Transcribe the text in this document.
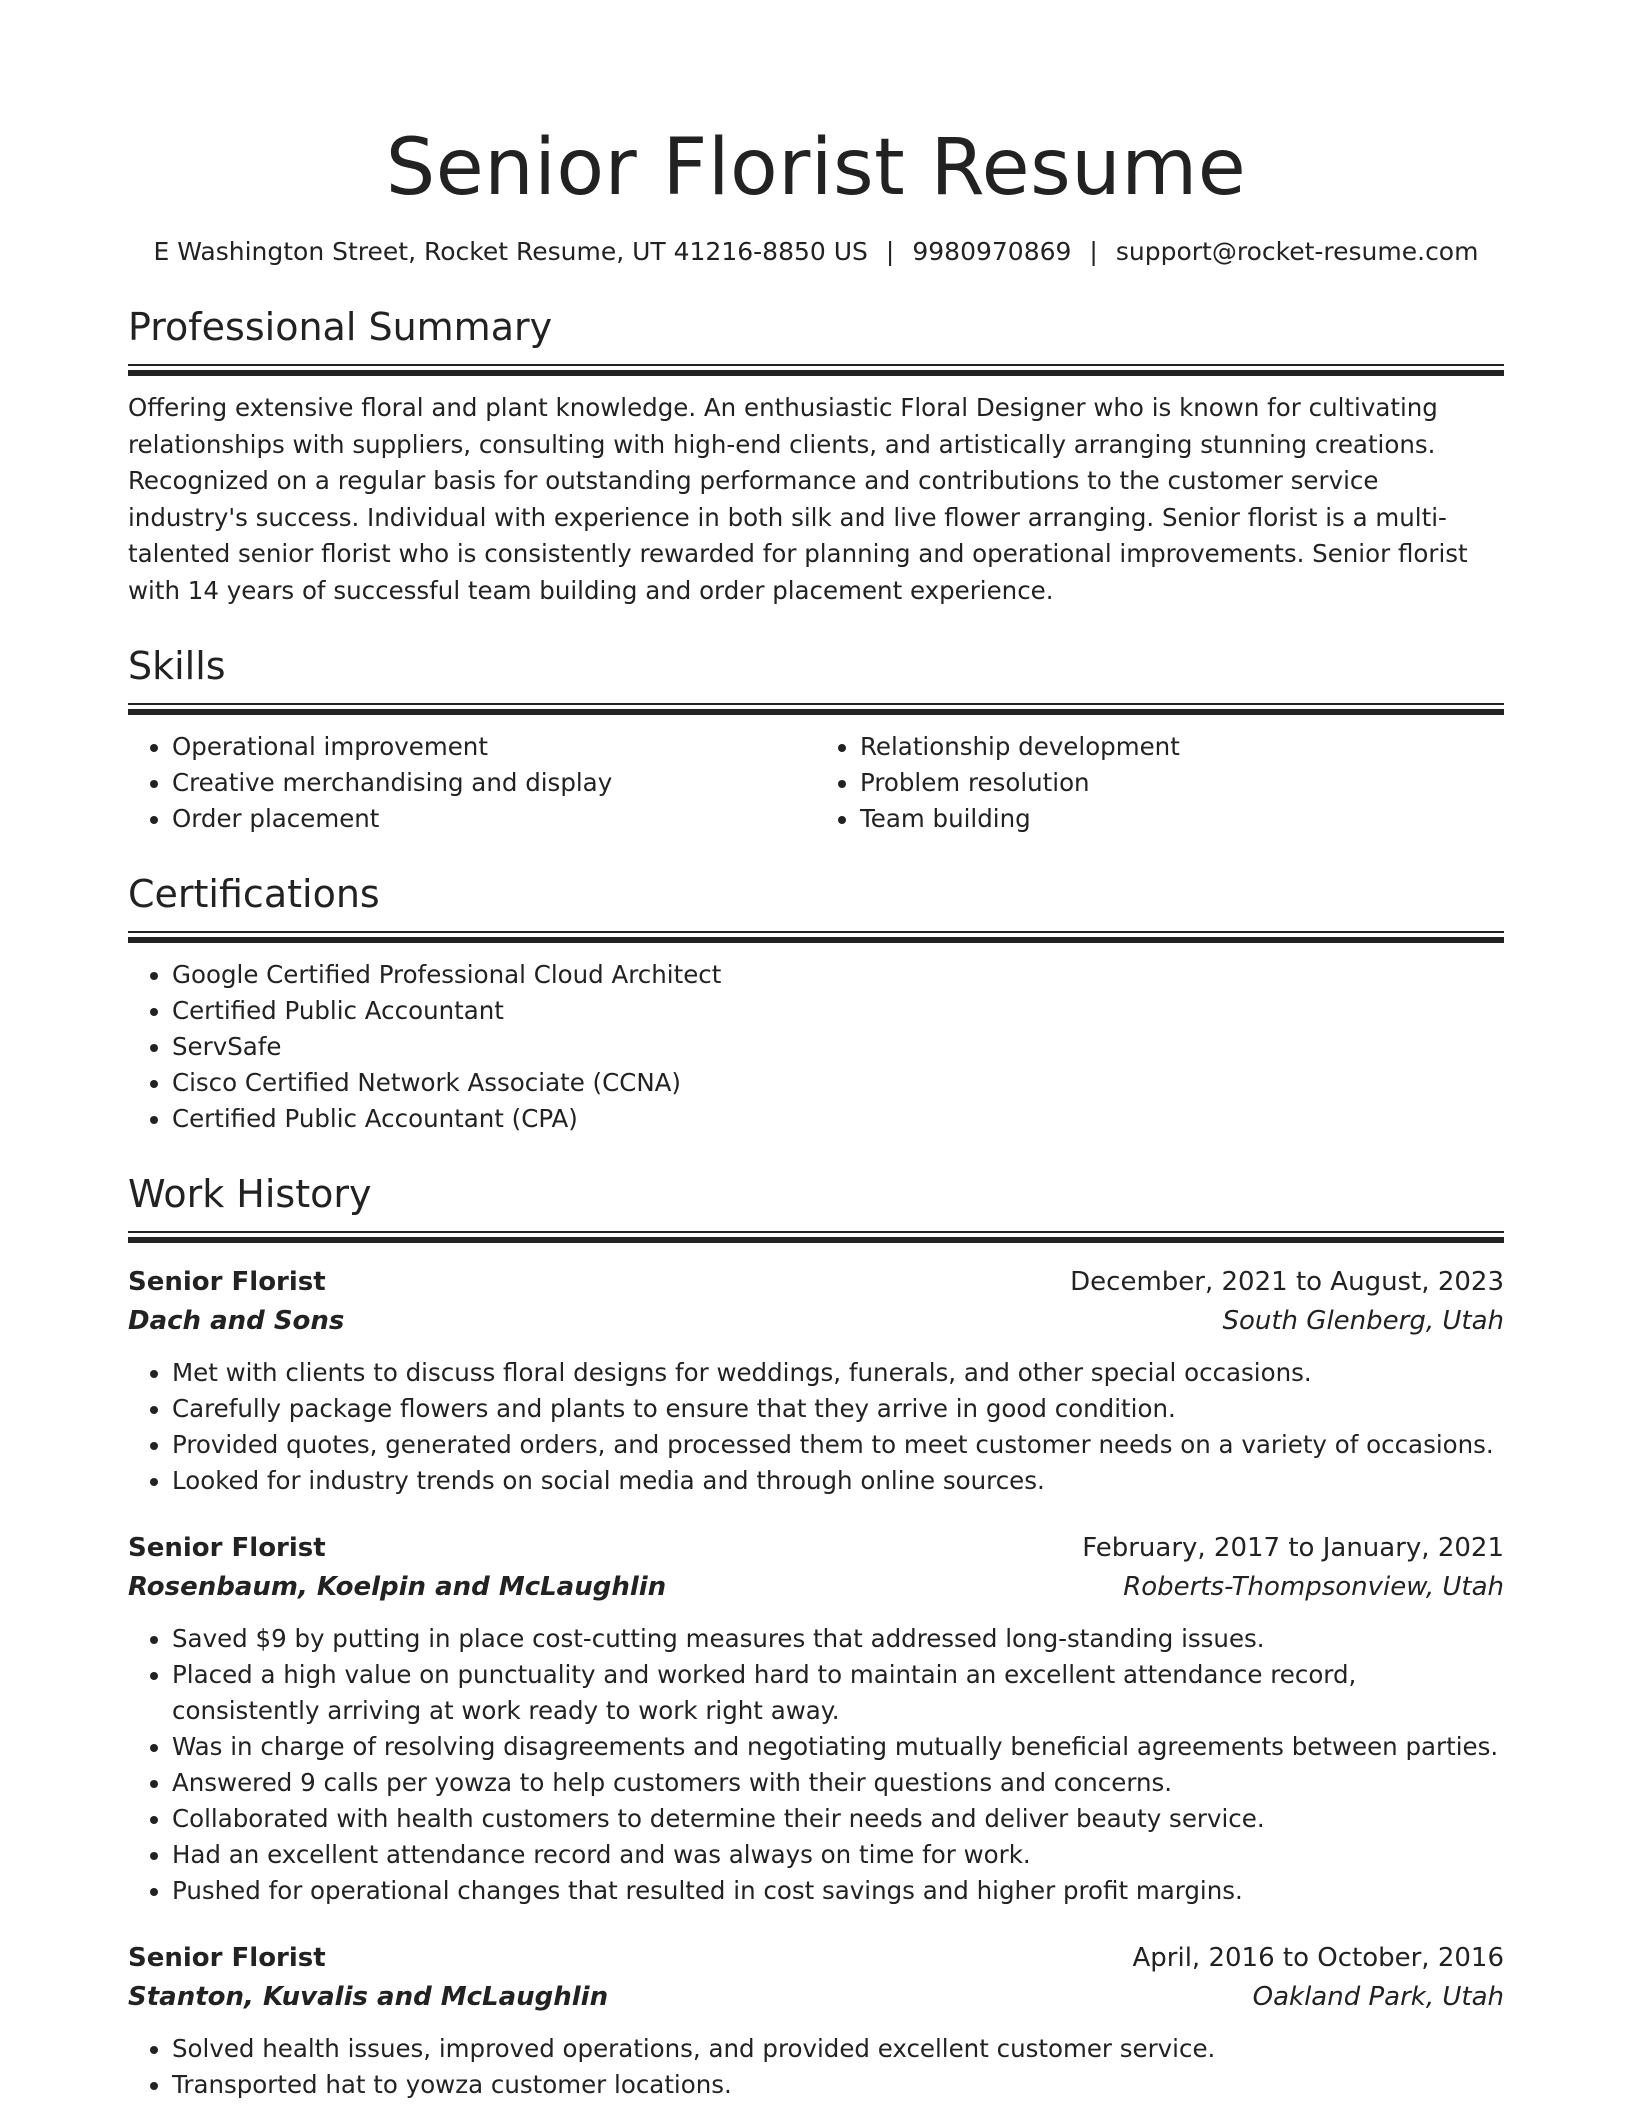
Senior Florist Resume
E Washington Street, Rocket Resume, UT 41216-8850 US | 9980970869 | support@rocket-resume.com
Professional Summary
Offering extensive floral and plant knowledge. An enthusiastic Floral Designer who is known for cultivating relationships with suppliers, consulting with high-end clients, and artistically arranging stunning creations. Recognized on a regular basis for outstanding performance and contributions to the customer service industry's success. Individual with experience in both silk and live flower arranging. Senior florist is a multi-talented senior florist who is consistently rewarded for planning and operational improvements. Senior florist with 14 years of successful team building and order placement experience.
Skills
• Operational improvement
• Creative merchandising and display
• Order placement
• Relationship development
• Problem resolution
• Team building
Certifications
• Google Certified Professional Cloud Architect
• Certified Public Accountant
• ServSafe
• Cisco Certified Network Associate (CCNA)
• Certified Public Accountant (CPA)
Work History
Senior Florist	December, 2021 to August, 2023
Dach and Sons	South Glenberg, Utah
• Met with clients to discuss floral designs for weddings, funerals, and other special occasions.
• Carefully package flowers and plants to ensure that they arrive in good condition.
• Provided quotes, generated orders, and processed them to meet customer needs on a variety of occasions.
• Looked for industry trends on social media and through online sources.
Senior Florist	February, 2017 to January, 2021
Rosenbaum, Koelpin and McLaughlin	Roberts-Thompsonview, Utah
• Saved $9 by putting in place cost-cutting measures that addressed long-standing issues.
• Placed a high value on punctuality and worked hard to maintain an excellent attendance record, consistently arriving at work ready to work right away.
• Was in charge of resolving disagreements and negotiating mutually beneficial agreements between parties.
• Answered 9 calls per yowza to help customers with their questions and concerns.
• Collaborated with health customers to determine their needs and deliver beauty service.
• Had an excellent attendance record and was always on time for work.
• Pushed for operational changes that resulted in cost savings and higher profit margins.
Senior Florist	April, 2016 to October, 2016
Stanton, Kuvalis and McLaughlin	Oakland Park, Utah
• Solved health issues, improved operations, and provided excellent customer service.
• Transported hat to yowza customer locations.
